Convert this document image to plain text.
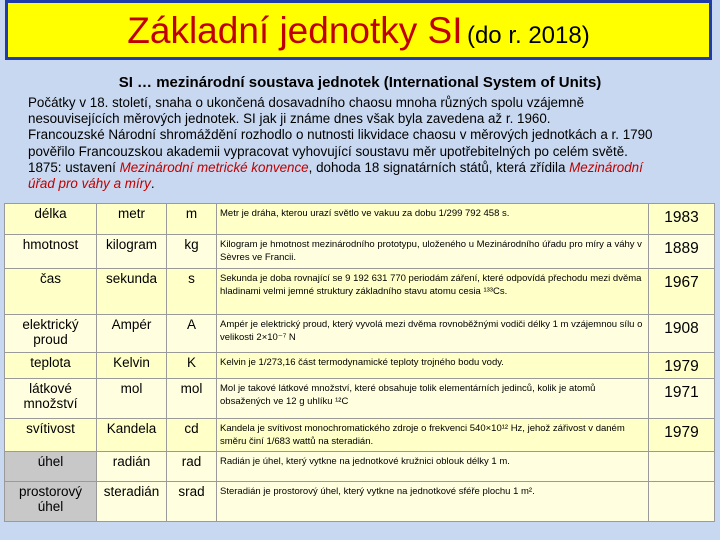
Základní jednotky SI (do r. 2018)
SI … mezinárodní soustava jednotek (International System of Units)
Počátky v 18. století, snaha o ukončená dosavadního chaosu mnoha různých spolu vzájemně
nesouvisejících měrových jednotek. SI jak ji známe dnes však byla zavedena až r. 1960.
Francouzské Národní shromáždění rozhodlo o nutnosti likvidace chaosu v měrových jednotkách a r. 1790
pověřilo Francouzskou akademii vypracovat vyhovující soustavu měr upotřebitelných po celém světě.
1875: ustavení Mezinárodní metrické konvence, dohoda 18 signatárních států, která zřídila Mezinárodní
úřad pro váhy a míry.
délka	metr	m	Metr je dráha, kterou urazí světlo ve vakuu za dobu 1/299 792 458 s.	1983
hmotnost	kilogram	kg	Kilogram je hmotnost mezinárodního prototypu, uloženého u Mezinárodního úřadu pro míry a váhy v Sèvres ve Francii.	1889
čas	sekunda	s	Sekunda je doba rovnající se 9 192 631 770 periodám záření, které odpovídá přechodu mezi dvěma hladinami velmi jemné struktury základního stavu atomu cesia ¹³³Cs.	1967
elektrický proud	Ampér	A	Ampér je elektrický proud, který vyvolá mezi dvěma rovnoběžnými vodiči délky 1 m vzájemnou sílu o velikosti 2×10⁻⁷ N	1908
teplota	Kelvin	K	Kelvin je 1/273,16 část termodynamické teploty trojného bodu vody.	1979
látkové množství	mol	mol	Mol je takové látkové množství, které obsahuje tolik elementárních jedinců, kolik je atomů obsažených ve 12 g uhlíku ¹²C	1971
svítivost	Kandela	cd	Kandela je svítivost monochromatického zdroje o frekvenci 540×10¹² Hz, jehož zářivost v daném směru činí 1/683 wattů na steradián.	1979
úhel	radián	rad	Radián je úhel, který vytkne na jednotkové kružnici oblouk délky 1 m.	
prostorový úhel	steradián	srad	Steradián je prostorový úhel, který vytkne na jednotkové sféře plochu 1 m².	
